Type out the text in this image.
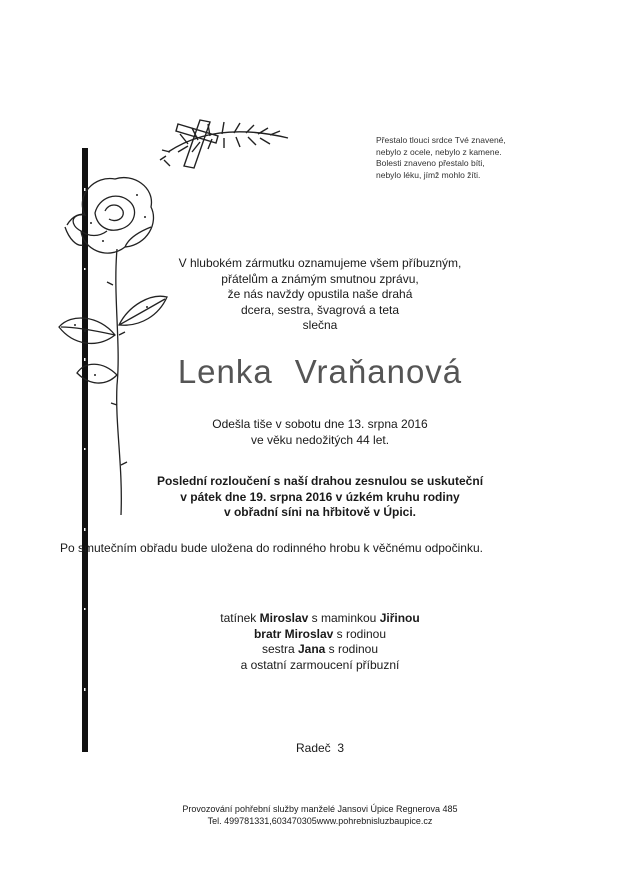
Přestalo tlouci srdce Tvé znavené,
nebylo z ocele, nebylo z kamene.
Bolesti znaveno přestalo bíti,
nebylo léku, jímž mohlo žíti.
V hlubokém zármutku oznamujeme všem příbuzným,
přátelům a známým smutnou zprávu,
že nás navždy opustila naše drahá
dcera, sestra, švagrová a teta
slečna
Lenka Vraňanová
Odešla tiše v sobotu dne 13. srpna 2016
ve věku nedožitých 44 let.
Poslední rozloučení s naší drahou zesnulou se uskuteční
v pátek dne 19. srpna 2016 v úzkém kruhu rodiny
v obřadní síni na hřbitově v Úpici.
Po smutečním obřadu bude uložena do rodinného hrobu k věčnému odpočinku.
tatínek Miroslav s maminkou Jiřinou
bratr Miroslav s rodinou
sestra Jana s rodinou
a ostatní zarmoucení příbuzní
Radeč  3
Provozování pohřební služby manželé Jansovi Úpice Regnerova 485
Tel. 499781331,603470305www.pohrebnisluzbaupice.cz
